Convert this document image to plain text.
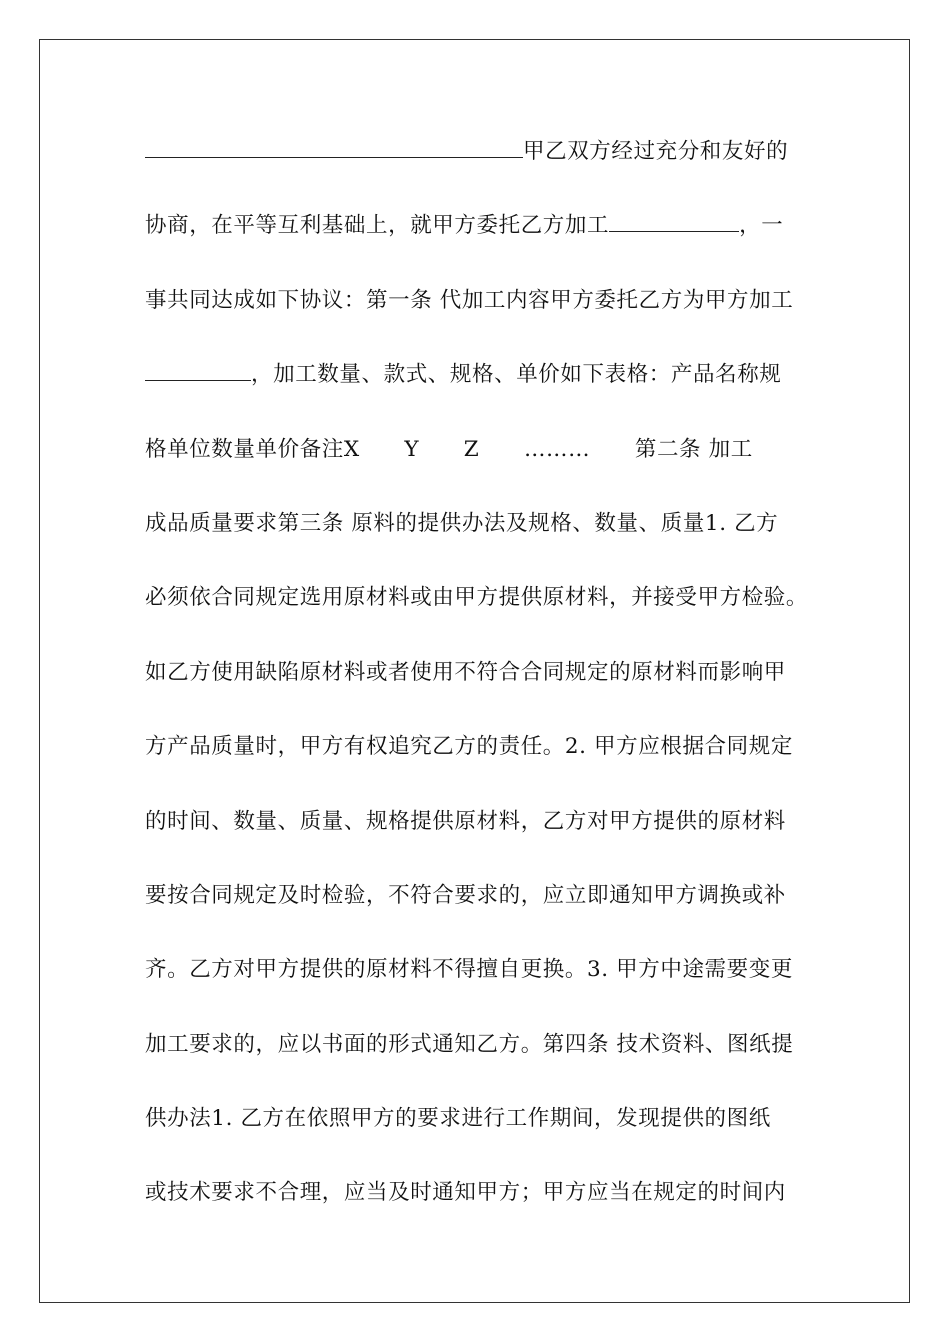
甲乙双方经过充分和友好的
协商，在平等互利基础上，就甲方委托乙方加工	，一
事共同达成如下协议：第一条 代加工内容甲方委托乙方为甲方加工
，加工数量、款式、规格、单价如下表格：产品名称规
格单位数量单价备注X      Y      Z      ………      第二条 加工
成品质量要求第三条 原料的提供办法及规格、数量、质量1. 乙方
必须依合同规定选用原材料或由甲方提供原材料，并接受甲方检验。
如乙方使用缺陷原材料或者使用不符合合同规定的原材料而影响甲
方产品质量时，甲方有权追究乙方的责任。2. 甲方应根据合同规定
的时间、数量、质量、规格提供原材料，乙方对甲方提供的原材料
要按合同规定及时检验，不符合要求的，应立即通知甲方调换或补
齐。乙方对甲方提供的原材料不得擅自更换。3. 甲方中途需要变更
加工要求的，应以书面的形式通知乙方。第四条 技术资料、图纸提
供办法1. 乙方在依照甲方的要求进行工作期间，发现提供的图纸
或技术要求不合理，应当及时通知甲方；甲方应当在规定的时间内
